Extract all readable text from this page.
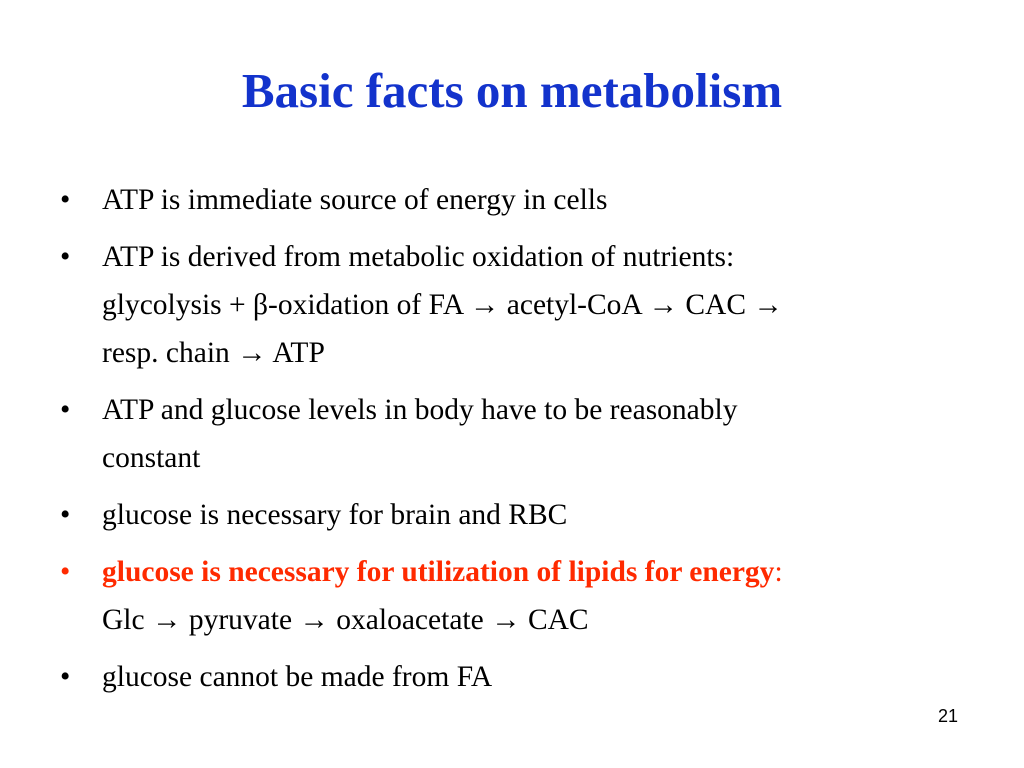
Basic facts on metabolism
• ATP is immediate source of energy in cells
• ATP is derived from metabolic oxidation of nutrients:
glycolysis + β-oxidation of FA → acetyl-CoA → CAC →
resp. chain → ATP
• ATP and glucose levels in body have to be reasonably
constant
• glucose is necessary for brain and RBC
• glucose is necessary for utilization of lipids for energy:
Glc → pyruvate → oxaloacetate → CAC
• glucose cannot be made from FA
21
